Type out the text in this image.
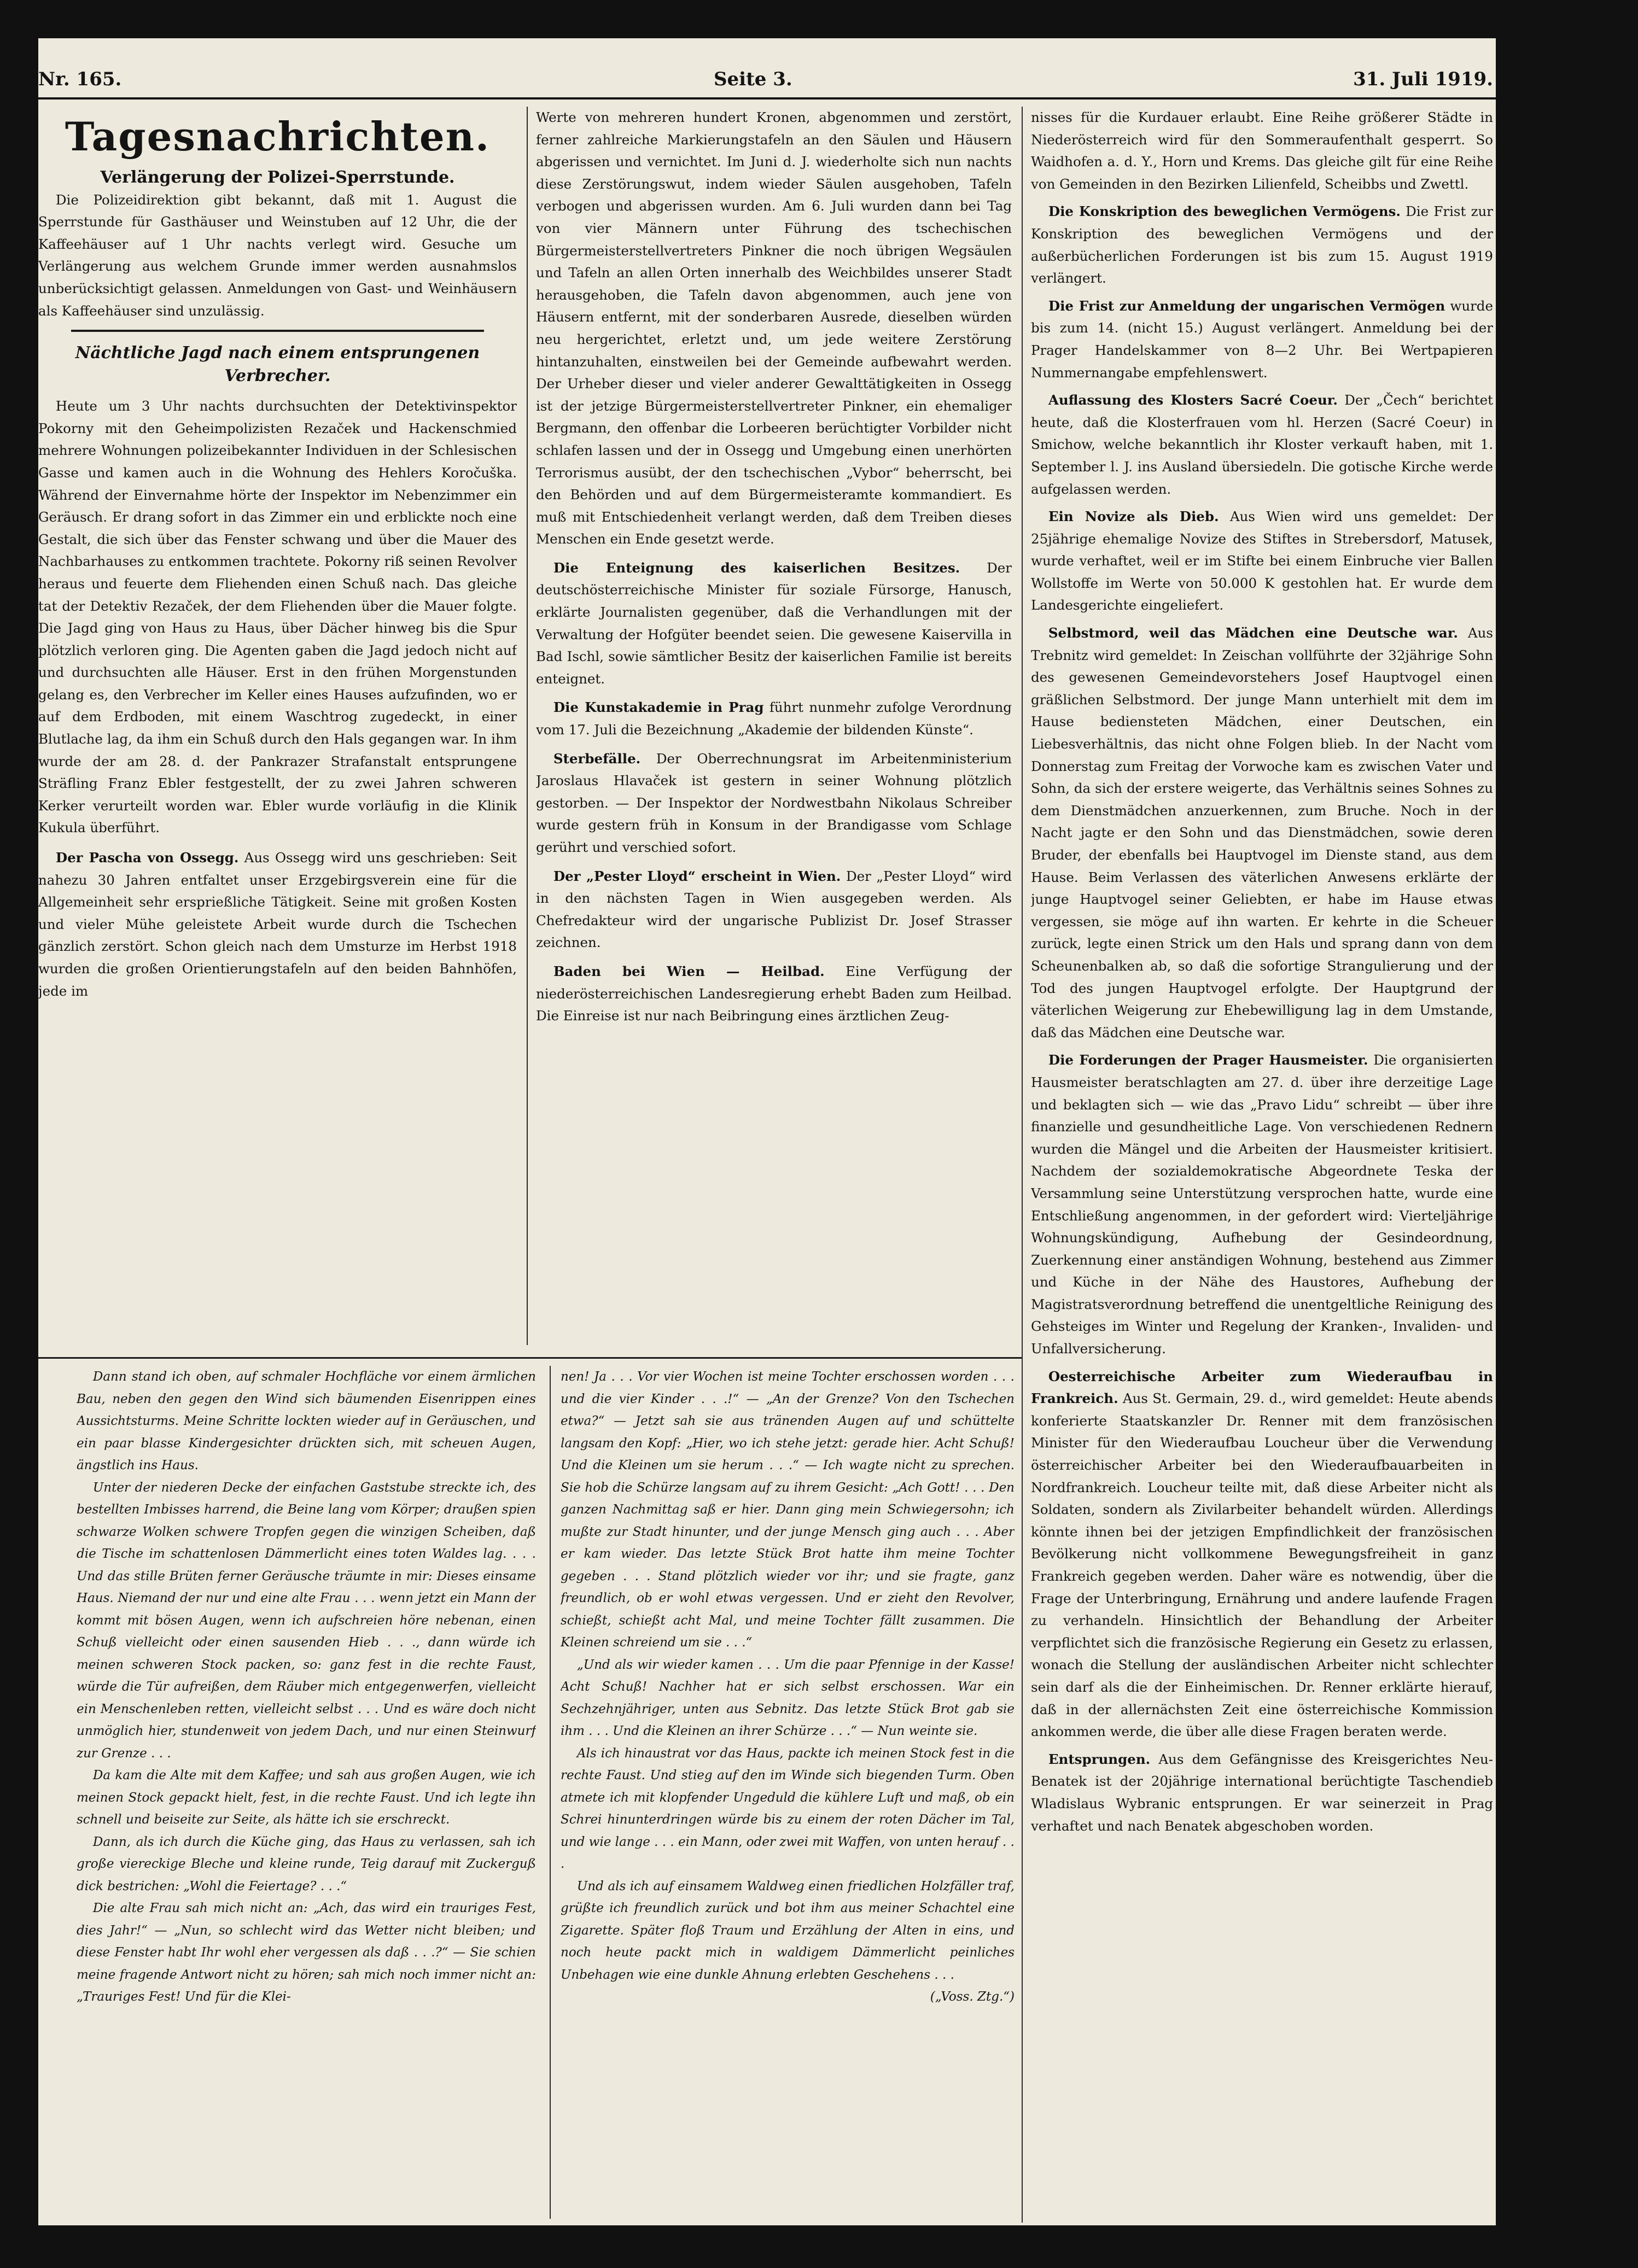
Nr. 165.	Seite 3.	31. Juli 1919.
Tagesnachrichten.
Verlängerung der Polizei-Sperrstunde.

Die Polizeidirektion gibt bekannt, daß mit 1. August die Sperrstunde für Gasthäuser und Weinstuben auf 12 Uhr, die der Kaffeehäuser auf 1 Uhr nachts verlegt wird. Gesuche um Verlängerung aus welchem Grunde immer werden ausnahmslos unberücksichtigt gelassen. Anmeldungen von Gast- und Weinhäusern als Kaffeehäuser sind unzulässig.

Nächtliche Jagd nach einem entsprungenen Verbrecher.

Heute um 3 Uhr nachts durchsuchten der Detektivinspektor Pokorny mit den Geheimpolizisten Rezaček und Hackenschmied mehrere Wohnungen polizeibekannter Individuen in der Schlesischen Gasse und kamen auch in die Wohnung des Hehlers Koročuška. Während der Einvernahme hörte der Inspektor im Nebenzimmer ein Geräusch. Er drang sofort in das Zimmer ein und erblickte noch eine Gestalt, die sich über das Fenster schwang und über die Mauer des Nachbarhauses zu entkommen trachtete. Pokorny riß seinen Revolver heraus und feuerte dem Fliehenden einen Schuß nach. Das gleiche tat der Detektiv Rezaček, der dem Fliehenden über die Mauer folgte. Die Jagd ging von Haus zu Haus, über Dächer hinweg bis die Spur plötzlich verloren ging. Die Agenten gaben die Jagd jedoch nicht auf und durchsuchten alle Häuser. Erst in den frühen Morgenstunden gelang es, den Verbrecher im Keller eines Hauses aufzufinden, wo er auf dem Erdboden, mit einem Waschtrog zugedeckt, in einer Blutlache lag, da ihm ein Schuß durch den Hals gegangen war. In ihm wurde der am 28. d. der Pankrazer Strafanstalt entsprungene Sträfling Franz Ebler festgestellt, der zu zwei Jahren schweren Kerker verurteilt worden war. Ebler wurde vorläufig in die Klinik Kukula überführt.

Der Pascha von Ossegg. Aus Ossegg wird uns geschrieben: Seit nahezu 30 Jahren entfaltet unser Erzgebirgsverein eine für die Allgemeinheit sehr ersprießliche Tätigkeit. Seine mit großen Kosten und vieler Mühe geleistete Arbeit wurde durch die Tschechen gänzlich zerstört. Schon gleich nach dem Umsturze im Herbst 1918 wurden die großen Orientierungstafeln auf den beiden Bahnhöfen, jede im

Werte von mehreren hundert Kronen, abgenommen und zerstört, ferner zahlreiche Markierungstafeln an den Säulen und Häusern abgerissen und vernichtet. Im Juni d. J. wiederholte sich nun nachts diese Zerstörungswut, indem wieder Säulen ausgehoben, Tafeln verbogen und abgerissen wurden. Am 6. Juli wurden dann bei Tag von vier Männern unter Führung des tschechischen Bürgermeisterstellvertreters Pinkner die noch übrigen Wegsäulen und Tafeln an allen Orten innerhalb des Weichbildes unserer Stadt herausgehoben, die Tafeln davon abgenommen, auch jene von Häusern entfernt, mit der sonderbaren Ausrede, dieselben würden neu hergerichtet, erletzt und, um jede weitere Zerstörung hintanzuhalten, einstweilen bei der Gemeinde aufbewahrt werden. Der Urheber dieser und vieler anderer Gewalttätigkeiten in Ossegg ist der jetzige Bürgermeisterstellvertreter Pinkner, ein ehemaliger Bergmann, den offenbar die Lorbeeren berüchtigter Vorbilder nicht schlafen lassen und der in Ossegg und Umgebung einen unerhörten Terrorismus ausübt, der den tschechischen „Vybor“ beherrscht, bei den Behörden und auf dem Bürgermeisteramte kommandiert. Es muß mit Entschiedenheit verlangt werden, daß dem Treiben dieses Menschen ein Ende gesetzt werde.

Die Enteignung des kaiserlichen Besitzes. Der deutschösterreichische Minister für soziale Fürsorge, Hanusch, erklärte Journalisten gegenüber, daß die Verhandlungen mit der Verwaltung der Hofgüter beendet seien. Die gewesene Kaiservilla in Bad Ischl, sowie sämtlicher Besitz der kaiserlichen Familie ist bereits enteignet.

Die Kunstakademie in Prag führt nunmehr zufolge Verordnung vom 17. Juli die Bezeichnung „Akademie der bildenden Künste“.

Sterbefälle. Der Oberrechnungsrat im Arbeitenministerium Jaroslaus Hlavaček ist gestern in seiner Wohnung plötzlich gestorben. — Der Inspektor der Nordwestbahn Nikolaus Schreiber wurde gestern früh in Konsum in der Brandigasse vom Schlage gerührt und verschied sofort.

Der „Pester Lloyd“ erscheint in Wien. Der „Pester Lloyd“ wird in den nächsten Tagen in Wien ausgegeben werden. Als Chefredakteur wird der ungarische Publizist Dr. Josef Strasser zeichnen.

Baden bei Wien — Heilbad. Eine Verfügung der niederösterreichischen Landesregierung erhebt Baden zum Heilbad. Die Einreise ist nur nach Beibringung eines ärztlichen Zeug-

nisses für die Kurdauer erlaubt. Eine Reihe größerer Städte in Niederösterreich wird für den Sommeraufenthalt gesperrt. So Waidhofen a. d. Y., Horn und Krems. Das gleiche gilt für eine Reihe von Gemeinden in den Bezirken Lilienfeld, Scheibbs und Zwettl.

Die Konskription des beweglichen Vermögens. Die Frist zur Konskription des beweglichen Vermögens und der außerbücherlichen Forderungen ist bis zum 15. August 1919 verlängert.

Die Frist zur Anmeldung der ungarischen Vermögen wurde bis zum 14. (nicht 15.) August verlängert. Anmeldung bei der Prager Handelskammer von 8—2 Uhr. Bei Wertpapieren Nummernangabe empfehlenswert.

Auflassung des Klosters Sacré Coeur. Der „Čech“ berichtet heute, daß die Klosterfrauen vom hl. Herzen (Sacré Coeur) in Smichow, welche bekanntlich ihr Kloster verkauft haben, mit 1. September l. J. ins Ausland übersiedeln. Die gotische Kirche werde aufgelassen werden.

Ein Novize als Dieb. Aus Wien wird uns gemeldet: Der 25jährige ehemalige Novize des Stiftes in Strebersdorf, Matusek, wurde verhaftet, weil er im Stifte bei einem Einbruche vier Ballen Wollstoffe im Werte von 50.000 K gestohlen hat. Er wurde dem Landesgerichte eingeliefert.

Selbstmord, weil das Mädchen eine Deutsche war. Aus Trebnitz wird gemeldet: In Zeischan vollführte der 32jährige Sohn des gewesenen Gemeindevorstehers Josef Hauptvogel einen gräßlichen Selbstmord. Der junge Mann unterhielt mit dem im Hause bediensteten Mädchen, einer Deutschen, ein Liebesverhältnis, das nicht ohne Folgen blieb. In der Nacht vom Donnerstag zum Freitag der Vorwoche kam es zwischen Vater und Sohn, da sich der erstere weigerte, das Verhältnis seines Sohnes zu dem Dienstmädchen anzuerkennen, zum Bruche. Noch in der Nacht jagte er den Sohn und das Dienstmädchen, sowie deren Bruder, der ebenfalls bei Hauptvogel im Dienste stand, aus dem Hause. Beim Verlassen des väterlichen Anwesens erklärte der junge Hauptvogel seiner Geliebten, er habe im Hause etwas vergessen, sie möge auf ihn warten. Er kehrte in die Scheuer zurück, legte einen Strick um den Hals und sprang dann von dem Scheunenbalken ab, so daß die sofortige Strangulierung und der Tod des jungen Hauptvogel erfolgte. Der Hauptgrund der väterlichen Weigerung zur Ehebewilligung lag in dem Umstande, daß das Mädchen eine Deutsche war.

Die Forderungen der Prager Hausmeister. Die organisierten Hausmeister beratschlagten am 27. d. über ihre derzeitige Lage und beklagten sich — wie das „Pravo Lidu“ schreibt — über ihre finanzielle und gesundheitliche Lage. Von verschiedenen Rednern wurden die Mängel und die Arbeiten der Hausmeister kritisiert. Nachdem der sozialdemokratische Abgeordnete Teska der Versammlung seine Unterstützung versprochen hatte, wurde eine Entschließung angenommen, in der gefordert wird: Vierteljährige Wohnungskündigung, Aufhebung der Gesindeordnung, Zuerkennung einer anständigen Wohnung, bestehend aus Zimmer und Küche in der Nähe des Haustores, Aufhebung der Magistratsverordnung betreffend die unentgeltliche Reinigung des Gehsteiges im Winter und Regelung der Kranken-, Invaliden- und Unfallversicherung.

Oesterreichische Arbeiter zum Wiederaufbau in Frankreich. Aus St. Germain, 29. d., wird gemeldet: Heute abends konferierte Staatskanzler Dr. Renner mit dem französischen Minister für den Wiederaufbau Loucheur über die Verwendung österreichischer Arbeiter bei den Wiederaufbauarbeiten in Nordfrankreich. Loucheur teilte mit, daß diese Arbeiter nicht als Soldaten, sondern als Zivilarbeiter behandelt würden. Allerdings könnte ihnen bei der jetzigen Empfindlichkeit der französischen Bevölkerung nicht vollkommene Bewegungsfreiheit in ganz Frankreich gegeben werden. Daher wäre es notwendig, über die Frage der Unterbringung, Ernährung und andere laufende Fragen zu verhandeln. Hinsichtlich der Behandlung der Arbeiter verpflichtet sich die französische Regierung ein Gesetz zu erlassen, wonach die Stellung der ausländischen Arbeiter nicht schlechter sein darf als die der Einheimischen. Dr. Renner erklärte hierauf, daß in der allernächsten Zeit eine österreichische Kommission ankommen werde, die über alle diese Fragen beraten werde.

Entsprungen. Aus dem Gefängnisse des Kreisgerichtes Neu-Benatek ist der 20jährige international berüchtigte Taschendieb Wladislaus Wybranic entsprungen. Er war seinerzeit in Prag verhaftet und nach Benatek abgeschoben worden.

Dann stand ich oben, auf schmaler Hochfläche vor einem ärmlichen Bau, neben den gegen den Wind sich bäumenden Eisenrippen eines Aussichtsturms. Meine Schritte lockten wieder auf in Geräuschen, und ein paar blasse Kindergesichter drückten sich, mit scheuen Augen, ängstlich ins Haus.

Unter der niederen Decke der einfachen Gaststube streckte ich, des bestellten Imbisses harrend, die Beine lang vom Körper; draußen spien schwarze Wolken schwere Tropfen gegen die winzigen Scheiben, daß die Tische im schattenlosen Dämmerlicht eines toten Waldes lag. . . . Und das stille Brüten ferner Geräusche träumte in mir: Dieses einsame Haus. Niemand der nur und eine alte Frau . . . wenn jetzt ein Mann der kommt mit bösen Augen, wenn ich aufschreien höre nebenan, einen Schuß vielleicht oder einen sausenden Hieb . . ., dann würde ich meinen schweren Stock packen, so: ganz fest in die rechte Faust, würde die Tür aufreißen, dem Räuber mich entgegenwerfen, vielleicht ein Menschenleben retten, vielleicht selbst . . . Und es wäre doch nicht unmöglich hier, stundenweit von jedem Dach, und nur einen Steinwurf zur Grenze . . .

Da kam die Alte mit dem Kaffee; und sah aus großen Augen, wie ich meinen Stock gepackt hielt, fest, in die rechte Faust. Und ich legte ihn schnell und beiseite zur Seite, als hätte ich sie erschreckt.

Dann, als ich durch die Küche ging, das Haus zu verlassen, sah ich große viereckige Bleche und kleine runde, Teig darauf mit Zuckerguß dick bestrichen: „Wohl die Feiertage? . . .“

Die alte Frau sah mich nicht an: „Ach, das wird ein trauriges Fest, dies Jahr!“ — „Nun, so schlecht wird das Wetter nicht bleiben; und diese Fenster habt Ihr wohl eher vergessen als daß . . .?“ — Sie schien meine fragende Antwort nicht zu hören; sah mich noch immer nicht an: „Trauriges Fest! Und für die Klei-

nen! Ja . . . Vor vier Wochen ist meine Tochter erschossen worden . . . und die vier Kinder . . .!“ — „An der Grenze? Von den Tschechen etwa?“ — Jetzt sah sie aus tränenden Augen auf und schüttelte langsam den Kopf: „Hier, wo ich stehe jetzt: gerade hier. Acht Schuß! Und die Kleinen um sie herum . . .“ — Ich wagte nicht zu sprechen. Sie hob die Schürze langsam auf zu ihrem Gesicht: „Ach Gott! . . . Den ganzen Nachmittag saß er hier. Dann ging mein Schwiegersohn; ich mußte zur Stadt hinunter, und der junge Mensch ging auch . . . Aber er kam wieder. Das letzte Stück Brot hatte ihm meine Tochter gegeben . . . Stand plötzlich wieder vor ihr; und sie fragte, ganz freundlich, ob er wohl etwas vergessen. Und er zieht den Revolver, schießt, schießt acht Mal, und meine Tochter fällt zusammen. Die Kleinen schreiend um sie . . .“

„Und als wir wieder kamen . . . Um die paar Pfennige in der Kasse! Acht Schuß! Nachher hat er sich selbst erschossen. War ein Sechzehnjähriger, unten aus Sebnitz. Das letzte Stück Brot gab sie ihm . . . Und die Kleinen an ihrer Schürze . . .“ — Nun weinte sie.

Als ich hinaustrat vor das Haus, packte ich meinen Stock fest in die rechte Faust. Und stieg auf den im Winde sich biegenden Turm. Oben atmete ich mit klopfender Ungeduld die kühlere Luft und maß, ob ein Schrei hinunterdringen würde bis zu einem der roten Dächer im Tal, und wie lange . . . ein Mann, oder zwei mit Waffen, von unten herauf . . .

Und als ich auf einsamem Waldweg einen friedlichen Holzfäller traf, grüßte ich freundlich zurück und bot ihm aus meiner Schachtel eine Zigarette. Später floß Traum und Erzählung der Alten in eins, und noch heute packt mich in waldigem Dämmerlicht peinliches Unbehagen wie eine dunkle Ahnung erlebten Geschehens . . .

(„Voss. Ztg.“)
